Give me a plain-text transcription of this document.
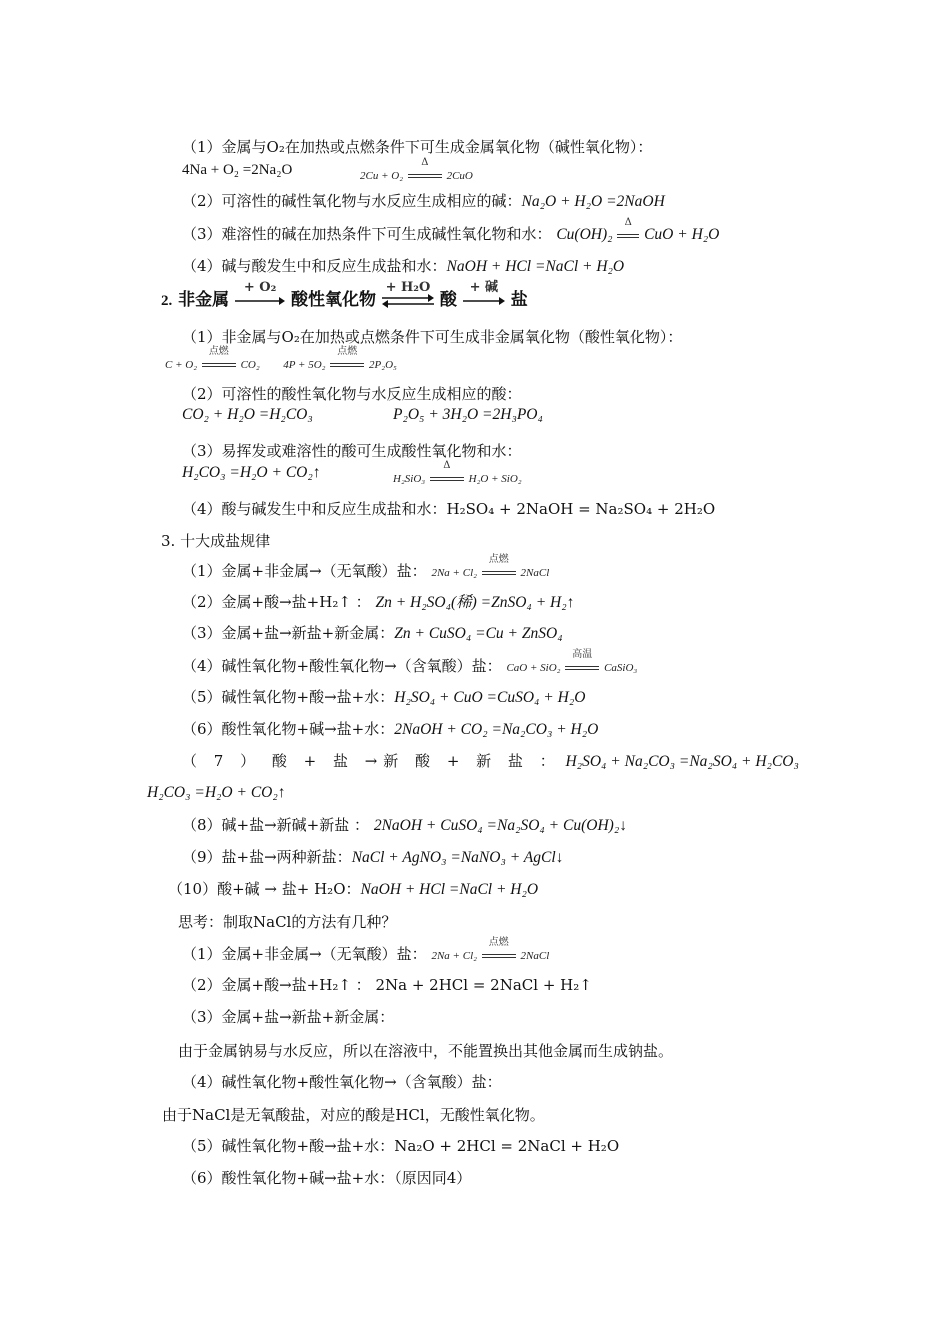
（1）金属与O₂在加热或点燃条件下可生成金属氧化物（碱性氧化物）：
4Na + O₂ =2Na₂O	2Cu + O₂
Δ
2CuO
（2）可溶性的碱性氧化物与水反应生成相应的碱：Na₂O + H₂O =2NaOH
（3）难溶性的碱在加热条件下可生成碱性氧化物和水： Cu(OH)₂
Δ
CuO + H₂O
（4）碱与酸发生中和反应生成盐和水：NaOH + HCl =NaCl + H₂O
2. 非金属
+ O₂
酸性氧化物
+ H₂O
酸
+ 碱
盐
（1）非金属与O₂在加热或点燃条件下可生成非金属氧化物（酸性氧化物）：
C + O₂
点燃
CO₂ 4P + 5O₂
点燃
2P₂O₅
（2）可溶性的酸性氧化物与水反应生成相应的酸：
CO₂ + H₂O =H₂CO₃	P₂O₅ + 3H₂O =2H₃PO₄
（3）易挥发或难溶性的酸可生成酸性氧化物和水：
H₂CO₃ =H₂O + CO₂↑	H₂SiO₃
Δ
H₂O + SiO₂
（4）酸与碱发生中和反应生成盐和水：H₂SO₄ + 2NaOH = Na₂SO₄ + 2H₂O
3. 十大成盐规律
（1）金属+非金属→（无氧酸）盐： 2Na + Cl₂
点燃
2NaCl
（2）金属+酸→盐+H₂↑ ： Zn + H₂SO₄(稀) =ZnSO₄ + H₂↑
（3）金属+盐→新盐+新金属：Zn + CuSO₄ =Cu + ZnSO₄
（4）碱性氧化物+酸性氧化物→（含氧酸）盐： CaO + SiO₂
高温
CaSiO₃
（5）碱性氧化物+酸→盐+水：H₂SO₄ + CuO =CuSO₄ + H₂O
（6）酸性氧化物+碱→盐+水：2NaOH + CO₂ =Na₂CO₃ + H₂O
（ 7 ） 酸 + 盐 →新 酸 + 新 盐 ： H₂SO₄ + Na₂CO₃ =Na₂SO₄ + H₂CO₃
H₂CO₃ =H₂O + CO₂↑
（8）碱+盐→新碱+新盐 ： 2NaOH + CuSO₄ =Na₂SO₄ + Cu(OH)₂↓
（9）盐+盐→两种新盐：NaCl + AgNO₃ =NaNO₃ + AgCl↓
（10）酸+碱 → 盐+ H₂O：NaOH + HCl =NaCl + H₂O
思考：制取NaCl的方法有几种？
（1）金属+非金属→（无氧酸）盐： 2Na + Cl₂
点燃
2NaCl
（2）金属+酸→盐+H₂↑ ： 2Na + 2HCl = 2NaCl + H₂↑
（3）金属+盐→新盐+新金属：
由于金属钠易与水反应，所以在溶液中，不能置换出其他金属而生成钠盐。
（4）碱性氧化物+酸性氧化物→（含氧酸）盐：
由于NaCl是无氧酸盐，对应的酸是HCl，无酸性氧化物。
（5）碱性氧化物+酸→盐+水：Na₂O + 2HCl = 2NaCl + H₂O
（6）酸性氧化物+碱→盐+水：（原因同4）
